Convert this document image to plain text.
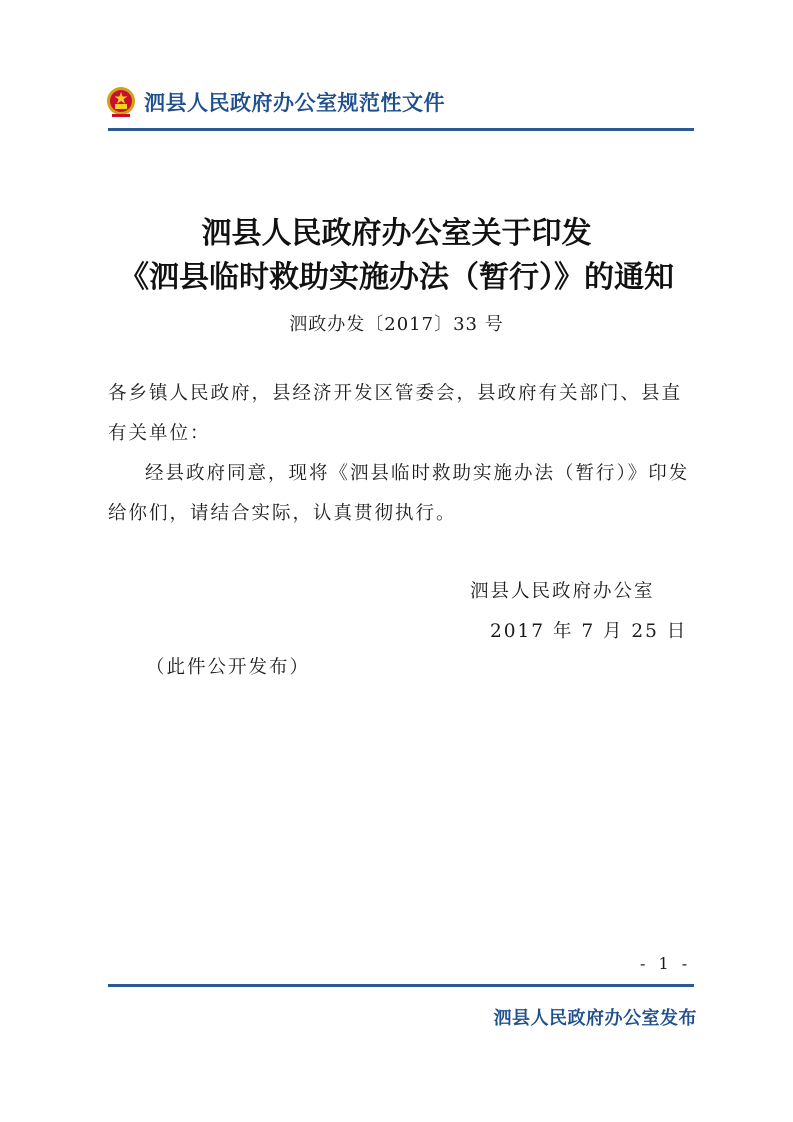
泗县人民政府办公室规范性文件
泗县人民政府办公室关于印发
《泗县临时救助实施办法（暂行）》的通知
泗政办发〔2017〕33 号
各乡镇人民政府，县经济开发区管委会，县政府有关部门、县直有关单位：
经县政府同意，现将《泗县临时救助实施办法（暂行）》印发给你们，请结合实际，认真贯彻执行。
泗县人民政府办公室
2017 年 7 月 25 日
（此件公开发布）
- 1 -
泗县人民政府办公室发布
